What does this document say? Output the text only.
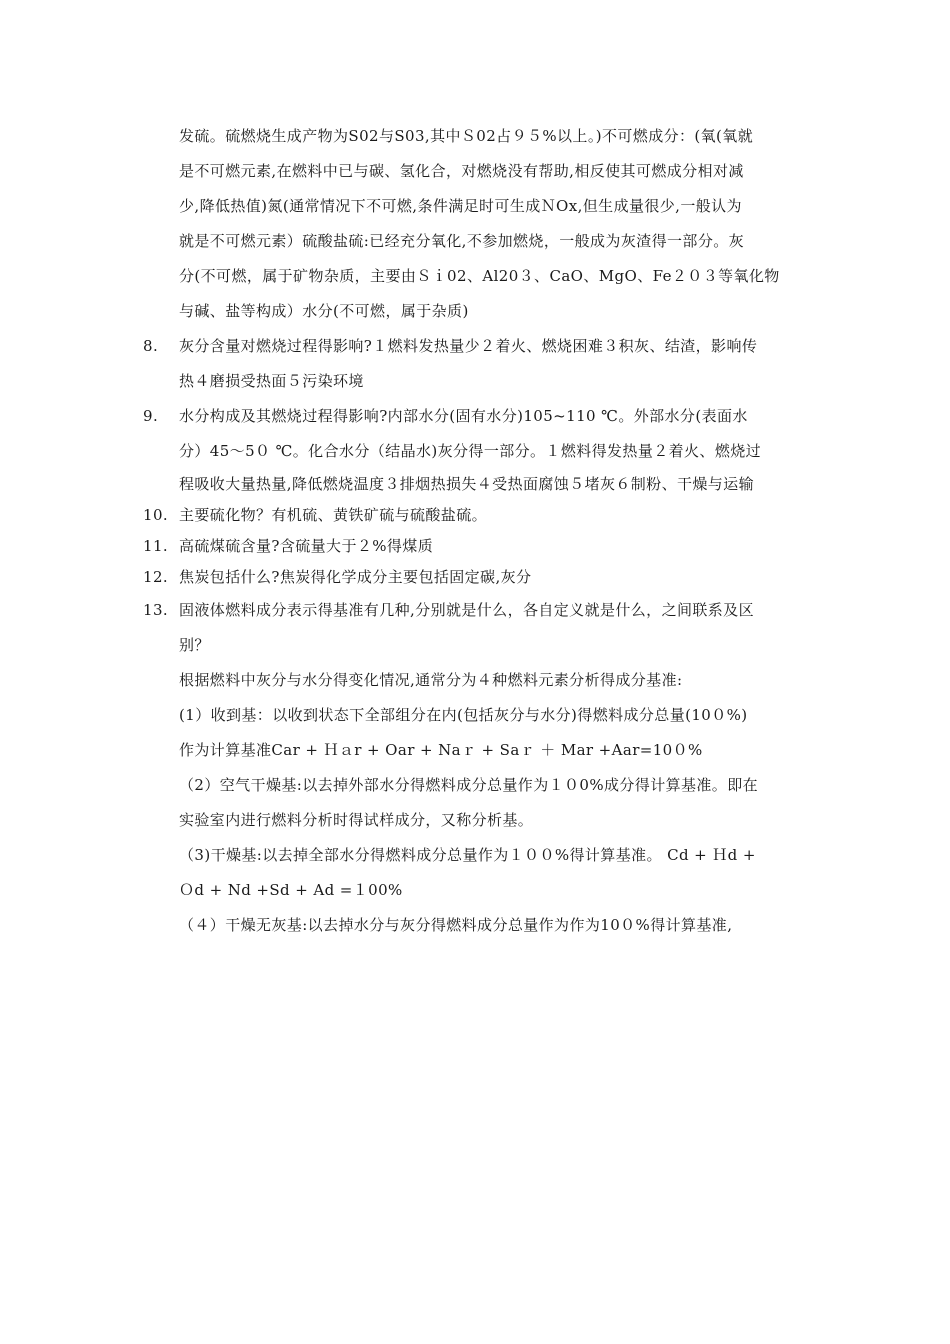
发硫。硫燃烧生成产物为S02与S03,其中Ｓ02占９５%以上。)不可燃成分：(氧(氧就
是不可燃元素,在燃料中已与碳、氢化合，对燃烧没有帮助,相反使其可燃成分相对减
少,降低热值)氮(通常情况下不可燃,条件满足时可生成ＮOx,但生成量很少,一般认为
就是不可燃元素）硫酸盐硫:已经充分氧化,不参加燃烧，一般成为灰渣得一部分。灰
分(不可燃，属于矿物杂质，主要由Ｓｉ02、Al20３、CaO、MgO、Fe２０３等氧化物
与碱、盐等构成）水分(不可燃，属于杂质)
8. 灰分含量对燃烧过程得影响?１燃料发热量少２着火、燃烧困难３积灰、结渣，影响传
热４磨损受热面５污染环境
9. 水分构成及其燃烧过程得影响?内部水分(固有水分)105~110 ℃。外部水分(表面水
分）45～5０ ℃。化合水分（结晶水)灰分得一部分。１燃料得发热量２着火、燃烧过
程吸收大量热量,降低燃烧温度３排烟热损失４受热面腐蚀５堵灰６制粉、干燥与运输
10. 主要硫化物？有机硫、黄铁矿硫与硫酸盐硫。
11. 高硫煤硫含量?含硫量大于２%得煤质
12. 焦炭包括什么?焦炭得化学成分主要包括固定碳,灰分
13. 固液体燃料成分表示得基准有几种,分别就是什么，各自定义就是什么，之间联系及区
别？
根据燃料中灰分与水分得变化情况,通常分为４种燃料元素分析得成分基准:
(1）收到基：以收到状态下全部组分在内(包括灰分与水分)得燃料成分总量(10０%)
作为计算基准Car + Ｈａr + Oar + Naｒ + Saｒ ＋ Mar +Aar=10０%
（2）空气干燥基:以去掉外部水分得燃料成分总量作为１０0%成分得计算基准。即在
实验室内进行燃料分析时得试样成分，又称分析基。
（3)干燥基:以去掉全部水分得燃料成分总量作为１００%得计算基准。 Cd + Ｈd +
Ｏd + Nd +Sd + Ad =１00%
（４）干燥无灰基:以去掉水分与灰分得燃料成分总量作为作为10０%得计算基准,
